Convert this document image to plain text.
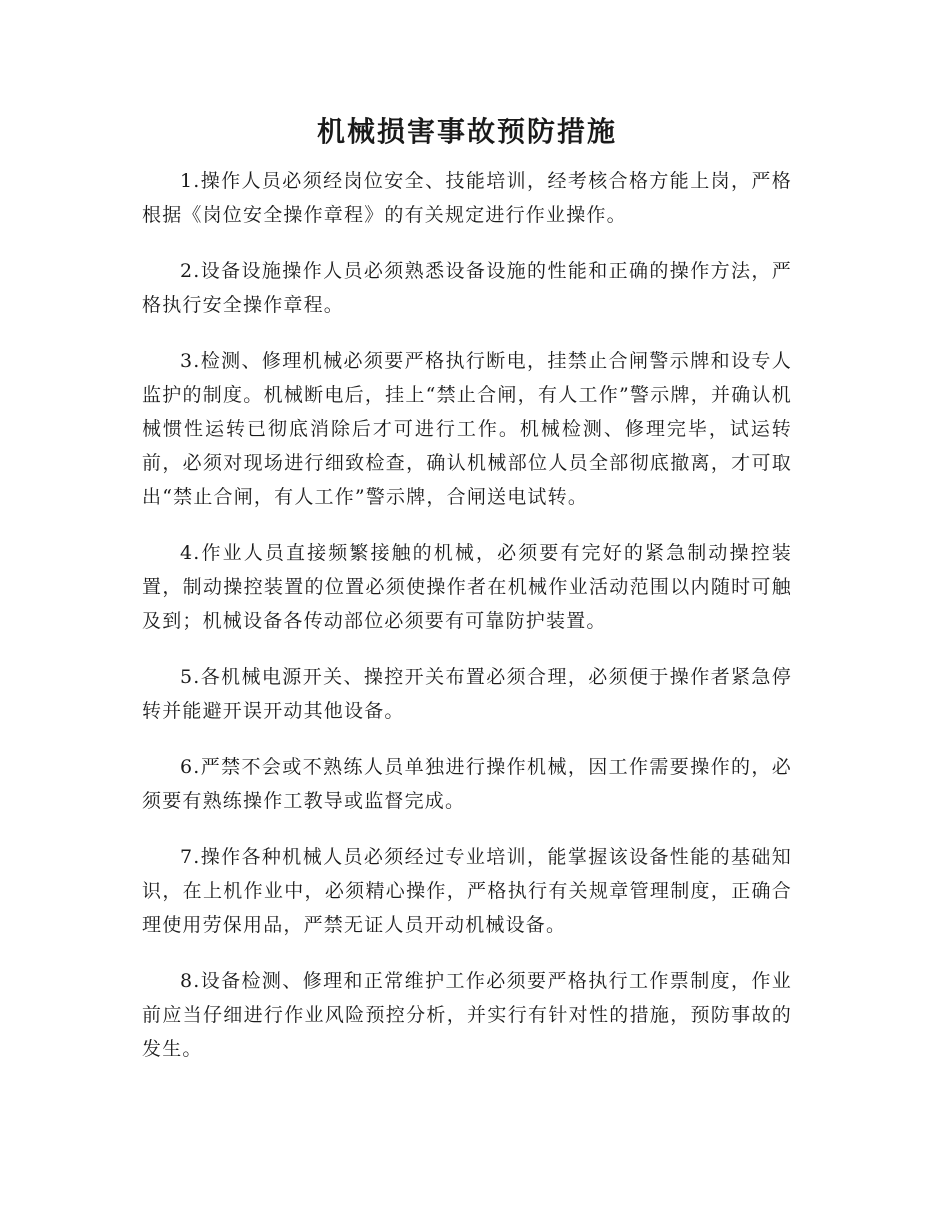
机械损害事故预防措施

1.操作人员必须经岗位安全、技能培训，经考核合格方能上岗，严格根据《岗位安全操作章程》的有关规定进行作业操作。

2.设备设施操作人员必须熟悉设备设施的性能和正确的操作方法，严格执行安全操作章程。

3.检测、修理机械必须要严格执行断电，挂禁止合闸警示牌和设专人监护的制度。机械断电后，挂上“禁止合闸，有人工作”警示牌，并确认机械惯性运转已彻底消除后才可进行工作。机械检测、修理完毕，试运转前，必须对现场进行细致检查，确认机械部位人员全部彻底撤离，才可取出“禁止合闸，有人工作”警示牌，合闸送电试转。

4.作业人员直接频繁接触的机械，必须要有完好的紧急制动操控装置，制动操控装置的位置必须使操作者在机械作业活动范围以内随时可触及到；机械设备各传动部位必须要有可靠防护装置。

5.各机械电源开关、操控开关布置必须合理，必须便于操作者紧急停转并能避开误开动其他设备。

6.严禁不会或不熟练人员单独进行操作机械，因工作需要操作的，必须要有熟练操作工教导或监督完成。

7.操作各种机械人员必须经过专业培训，能掌握该设备性能的基础知识，在上机作业中，必须精心操作，严格执行有关规章管理制度，正确合理使用劳保用品，严禁无证人员开动机械设备。

8.设备检测、修理和正常维护工作必须要严格执行工作票制度，作业前应当仔细进行作业风险预控分析，并实行有针对性的措施，预防事故的发生。
